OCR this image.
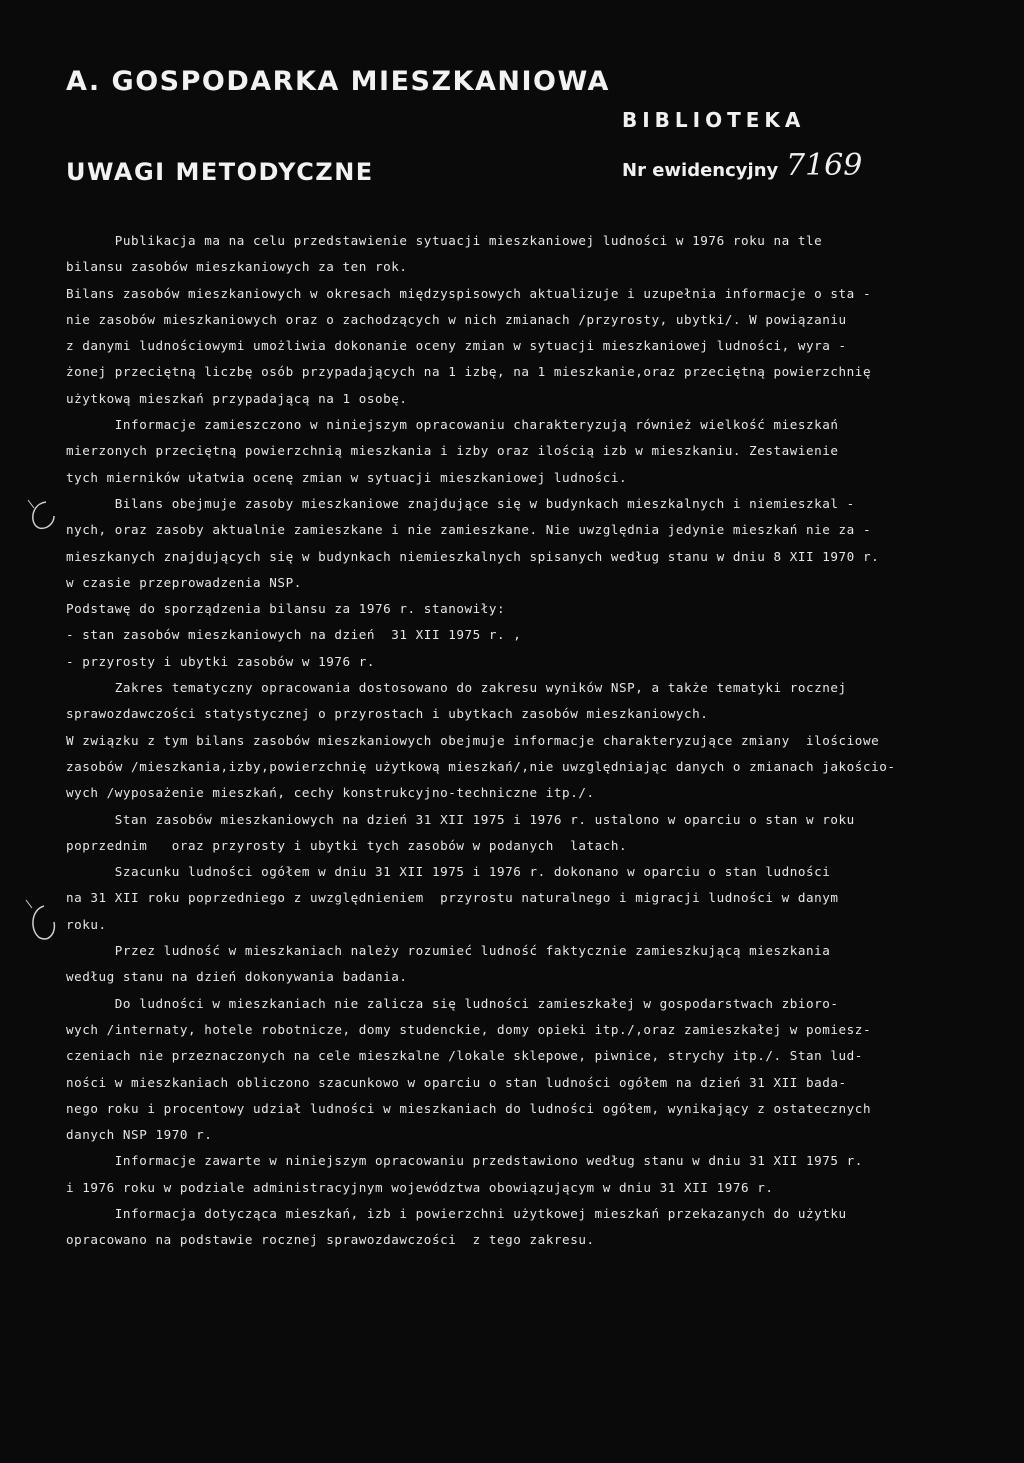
A. GOSPODARKA MIESZKANIOWA
UWAGI METODYCZNE
BIBLIOTEKA
Nr ewidencyjny 7169
Publikacja ma na celu przedstawienie sytuacji mieszkaniowej ludności w 1976 roku na tle
bilansu zasobów mieszkaniowych za ten rok.
Bilans zasobów mieszkaniowych w okresach międzyspisowych aktualizuje i uzupełnia informacje o sta -
nie zasobów mieszkaniowych oraz o zachodzących w nich zmianach /przyrosty, ubytki/. W powiązaniu
z danymi ludnościowymi umożliwia dokonanie oceny zmian w sytuacji mieszkaniowej ludności, wyra -
żonej przeciętną liczbę osób przypadających na 1 izbę, na 1 mieszkanie,oraz przeciętną powierzchnię
użytkową mieszkań przypadającą na 1 osobę.
Informacje zamieszczono w niniejszym opracowaniu charakteryzują również wielkość mieszkań
mierzonych przeciętną powierzchnią mieszkania i izby oraz ilością izb w mieszkaniu. Zestawienie
tych mierników ułatwia ocenę zmian w sytuacji mieszkaniowej ludności.
Bilans obejmuje zasoby mieszkaniowe znajdujące się w budynkach mieszkalnych i niemieszkal -
nych, oraz zasoby aktualnie zamieszkane i nie zamieszkane. Nie uwzględnia jedynie mieszkań nie za -
mieszkanych znajdujących się w budynkach niemieszkalnych spisanych według stanu w dniu 8 XII 1970 r.
w czasie przeprowadzenia NSP.
Podstawę do sporządzenia bilansu za 1976 r. stanowiły:
- stan zasobów mieszkaniowych na dzień  31 XII 1975 r. ,
- przyrosty i ubytki zasobów w 1976 r.
Zakres tematyczny opracowania dostosowano do zakresu wyników NSP, a także tematyki rocznej
sprawozdawczości statystycznej o przyrostach i ubytkach zasobów mieszkaniowych.
W związku z tym bilans zasobów mieszkaniowych obejmuje informacje charakteryzujące zmiany  ilościowe
zasobów /mieszkania,izby,powierzchnię użytkową mieszkań/,nie uwzględniając danych o zmianach jakościo-
wych /wyposażenie mieszkań, cechy konstrukcyjno-techniczne itp./.
Stan zasobów mieszkaniowych na dzień 31 XII 1975 i 1976 r. ustalono w oparciu o stan w roku
poprzednim   oraz przyrosty i ubytki tych zasobów w podanych  latach.
Szacunku ludności ogółem w dniu 31 XII 1975 i 1976 r. dokonano w oparciu o stan ludności
na 31 XII roku poprzedniego z uwzględnieniem  przyrostu naturalnego i migracji ludności w danym
roku.
Przez ludność w mieszkaniach należy rozumieć ludność faktycznie zamieszkującą mieszkania
według stanu na dzień dokonywania badania.
Do ludności w mieszkaniach nie zalicza się ludności zamieszkałej w gospodarstwach zbioro-
wych /internaty, hotele robotnicze, domy studenckie, domy opieki itp./,oraz zamieszkałej w pomiesz-
czeniach nie przeznaczonych na cele mieszkalne /lokale sklepowe, piwnice, strychy itp./. Stan lud-
ności w mieszkaniach obliczono szacunkowo w oparciu o stan ludności ogółem na dzień 31 XII bada-
nego roku i procentowy udział ludności w mieszkaniach do ludności ogółem, wynikający z ostatecznych
danych NSP 1970 r.
Informacje zawarte w niniejszym opracowaniu przedstawiono według stanu w dniu 31 XII 1975 r.
i 1976 roku w podziale administracyjnym województwa obowiązującym w dniu 31 XII 1976 r.
Informacja dotycząca mieszkań, izb i powierzchni użytkowej mieszkań przekazanych do użytku
opracowano na podstawie rocznej sprawozdawczości  z tego zakresu.
